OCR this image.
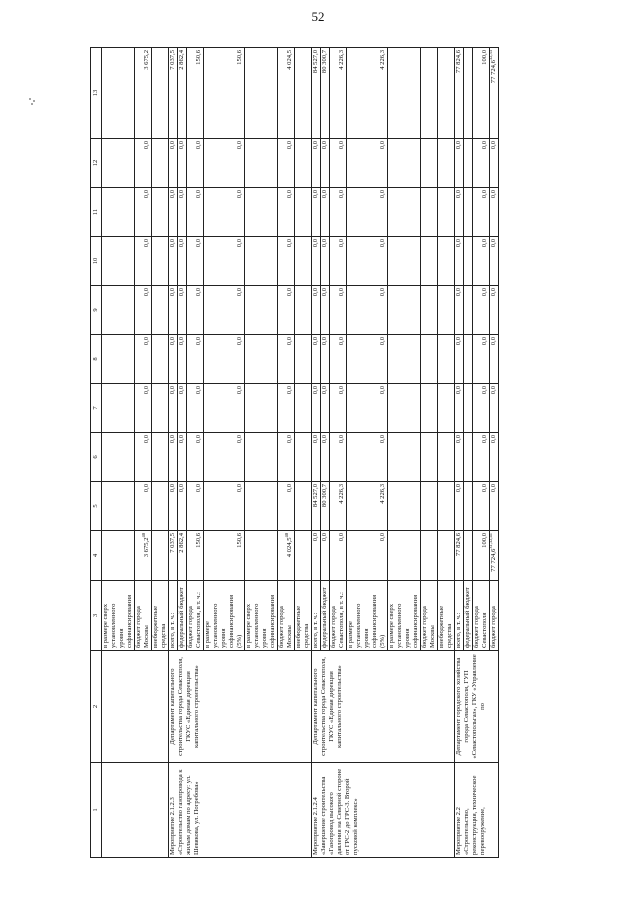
52
1	2	3	4	5	6	7	8	9	10	11	12	13
		в размере сверх установленного уровня софинансирования										
		бюджет города Москвы	3 675,2$^{40}$	0,0	0,0	0,0	0,0	0,0	0,0	0,0	0,0	3 675,2
		внебюджетные средства										
Мероприятие 2.1.2.3 «Строительство газопровода к жилым домам по адресу: ул. Шевякова, ул. Погребова»	Департамент капитального строительства города Севастополя, ГКУС «Единая дирекция капитального строительства»	всего, в т. ч.:	7 037,5	0,0	0,0	0,0	0,0	0,0	0,0	0,0	0,0	7 037,5
		федеральный бюджет	2 862,4	0,0	0,0	0,0	0,0	0,0	0,0	0,0	0,0	2 862,4
		бюджет города Севастополя, в т. ч.:	150,6	0,0	0,0	0,0	0,0	0,0	0,0	0,0	0,0	150,6
		в размере установленного уровня софинансирования (5%)	150,6	0,0	0,0	0,0	0,0	0,0	0,0	0,0	0,0	150,6
		в размере сверх установленного уровня софинансирования										
		бюджет города Москвы	4 024,5$^{40}$	0,0	0,0	0,0	0,0	0,0	0,0	0,0	0,0	4 024,5
		внебюджетные средства										
Мероприятие 2.1.2.4 «Завершение строительства «Газопровод высокого давления на Северной стороне от ГРС-2 до ГРС-3. Второй пусковой комплекс»	Департамент капитального строительства города Севастополя, ГКУС «Единая дирекция капитального строительства»	всего, в т. ч.:	0,0	84 527,0	0,0	0,0	0,0	0,0	0,0	0,0	0,0	84 527,0
		федеральный бюджет	0,0	80 300,7	0,0	0,0	0,0	0,0	0,0	0,0	0,0	80 300,7
		бюджет города Севастополя, в т. ч.:	0,0	4 226,3	0,0	0,0	0,0	0,0	0,0	0,0	0,0	4 226,3
		в размере установленного уровня софинансирования (5%)	0,0	4 226,3	0,0	0,0	0,0	0,0	0,0	0,0	0,0	4 226,3
		в размере сверх установленного уровня софинансирования										
		бюджет города Москвы										
		внебюджетные средства										
Мероприятие 2.2 «Строительство, реконструкция, техническое перевооружение,	Департамент городского хозяйства города Севастополя, ГУП «Севастопольгаз», ГКУ «Управление по	всего, в т. ч.:	77 824,6	0,0	0,0	0,0	0,0	0,0	0,0	0,0	0,0	77 824,6
		федеральный бюджет										
		бюджет города Севастополя	100,0	0,0	0,0	0,0	0,0	0,0	0,0	0,0	0,0	100,0
		бюджет города	77 724,6$^{31,32,41}$	0,0	0,0	0,0	0,0	0,0	0,0	0,0	0,0	77 724,6$^{32,33}$
